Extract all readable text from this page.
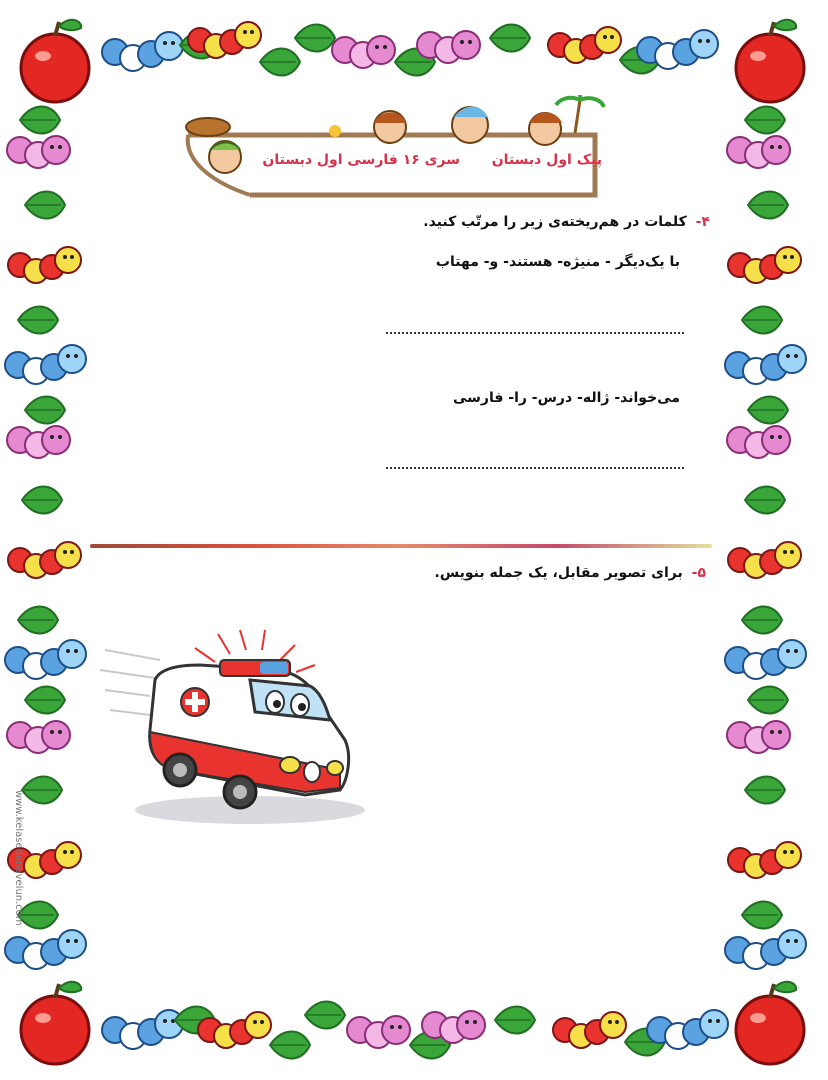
پیک اول دبستان
سری ۱۶ فارسی اول دبستان
۴- کلمات در هم‌ریخته‌ی زیر را مرتّب کنید.
با یک‌دیگر - منیژه- هستند- و- مهتاب
می‌خواند- ژاله- درس- را- فارسی
۵- برای تصویر مقابل، یک جمله بنویس.
www.kelasedanavelun.com
